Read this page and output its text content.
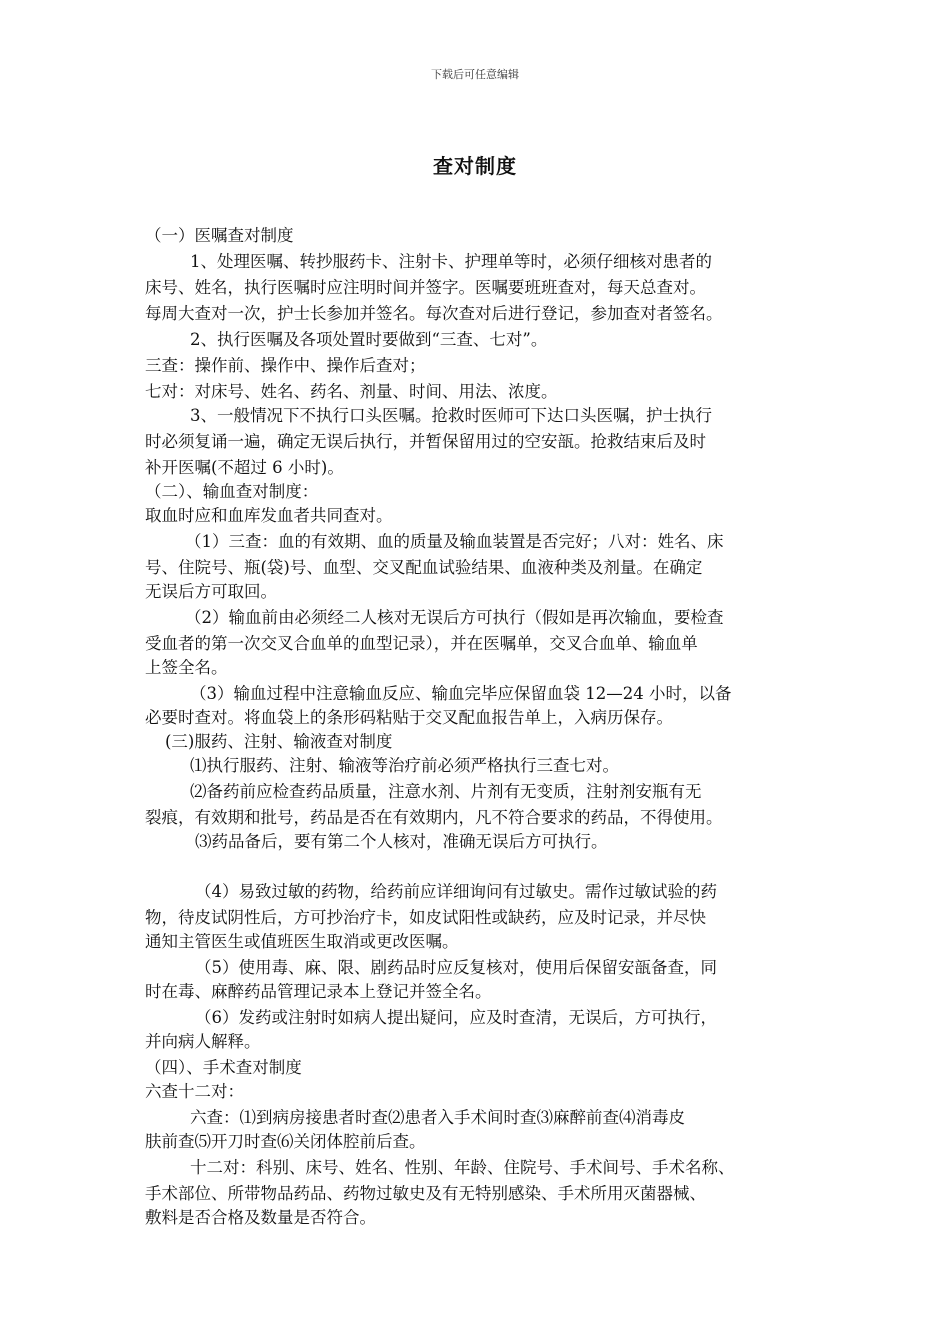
下载后可任意编辑
查对制度
（一）医嘱查对制度
1、处理医嘱、转抄服药卡、注射卡、护理单等时，必须仔细核对患者的
床号、姓名，执行医嘱时应注明时间并签字。医嘱要班班查对，每天总查对。
每周大查对一次，护士长参加并签名。每次查对后进行登记，参加查对者签名。
2、执行医嘱及各项处置时要做到“三查、七对”。
三查：操作前、操作中、操作后查对；
七对：对床号、姓名、药名、剂量、时间、用法、浓度。
3、一般情况下不执行口头医嘱。抢救时医师可下达口头医嘱，护士执行
时必须复诵一遍，确定无误后执行，并暂保留用过的空安瓿。抢救结束后及时
补开医嘱(不超过 6 小时)。
（二）、输血查对制度：
取血时应和血库发血者共同查对。
（1）三查：血的有效期、血的质量及输血装置是否完好；八对：姓名、床
号、住院号、瓶(袋)号、血型、交叉配血试验结果、血液种类及剂量。在确定
无误后方可取回。
（2）输血前由必须经二人核对无误后方可执行（假如是再次输血，要检查
受血者的第一次交叉合血单的血型记录），并在医嘱单，交叉合血单、输血单
上签全名。
（3）输血过程中注意输血反应、输血完毕应保留血袋 12—24 小时，以备
必要时查对。将血袋上的条形码粘贴于交叉配血报告单上，入病历保存。
(三)服药、注射、输液查对制度
⑴执行服药、注射、输液等治疗前必须严格执行三查七对。
⑵备药前应检查药品质量，注意水剂、片剂有无变质，注射剂安瓶有无
裂痕，有效期和批号，药品是否在有效期内，凡不符合要求的药品，不得使用。
⑶药品备后，要有第二个人核对，准确无误后方可执行。
（4）易致过敏的药物，给药前应详细询问有过敏史。需作过敏试验的药
物，待皮试阴性后，方可抄治疗卡，如皮试阳性或缺药，应及时记录，并尽快
通知主管医生或值班医生取消或更改医嘱。
（5）使用毒、麻、限、剧药品时应反复核对，使用后保留安瓿备查，同
时在毒、麻醉药品管理记录本上登记并签全名。
（6）发药或注射时如病人提出疑问，应及时查清，无误后，方可执行，
并向病人解释。
（四）、手术查对制度
六查十二对：
六查：⑴到病房接患者时查⑵患者入手术间时查⑶麻醉前查⑷消毒皮
肤前查⑸开刀时查⑹关闭体腔前后查。
十二对：科别、床号、姓名、性别、年龄、住院号、手术间号、手术名称、
手术部位、所带物品药品、药物过敏史及有无特别感染、手术所用灭菌器械、
敷料是否合格及数量是否符合。
